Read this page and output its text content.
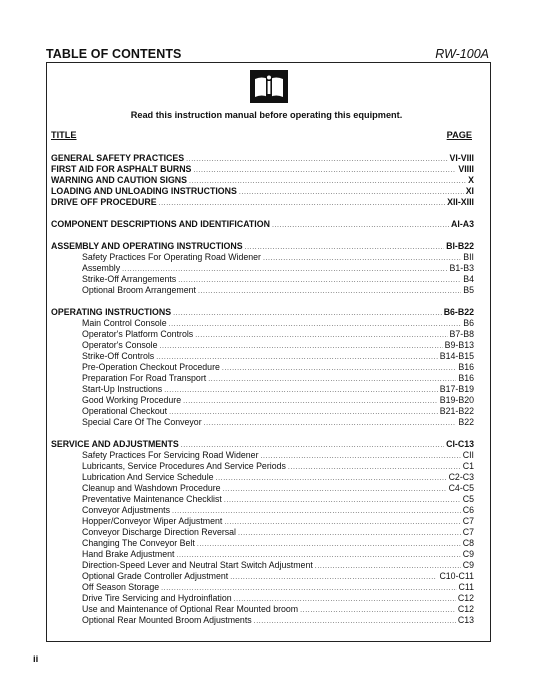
TABLE OF CONTENTS	RW-100A
Read this instruction manual before operating this equipment.
TITLE	PAGE
GENERAL SAFETY PRACTICES .....	VI-VIII
FIRST AID FOR ASPHALT BURNS .....	VIIII
WARNING AND CAUTION SIGNS .....	X
LOADING AND UNLOADING INSTRUCTIONS .....	XI
DRIVE OFF PROCEDURE .....	XII-XIII
COMPONENT DESCRIPTIONS AND IDENTIFICATION .....	AI-A3
ASSEMBLY AND OPERATING INSTRUCTIONS .....	BI-B22
Safety Practices For Operating Road Widener .....	BII
Assembly .....	B1-B3
Strike-Off Arrangements .....	B4
Optional Broom Arrangement .....	B5
OPERATING INSTRUCTIONS .....	B6-B22
Main Control Console .....	B6
Operator's Platform Controls .....	B7-B8
Operator's Console .....	B9-B13
Strike-Off Controls .....	B14-B15
Pre-Operation Checkout Procedure .....	B16
Preparation For Road Transport .....	B16
Start-Up Instructions .....	B17-B19
Good Working Procedure .....	B19-B20
Operational Checkout .....	B21-B22
Special Care Of The Conveyor .....	B22
SERVICE AND ADJUSTMENTS .....	CI-C13
Safety Practices For Servicing Road Widener .....	CII
Lubricants, Service Procedures And Service Periods .....	C1
Lubrication And Service Schedule .....	C2-C3
Cleanup and Washdown Procedure .....	C4-C5
Preventative Maintenance Checklist .....	C5
Conveyor Adjustments .....	C6
Hopper/Conveyor Wiper Adjustment .....	C7
Conveyor Discharge Direction Reversal .....	C7
Changing The Conveyor Belt .....	C8
Hand Brake Adjustment .....	C9
Direction-Speed Lever and Neutral Start Switch Adjustment .....	C9
Optional Grade Controller Adjustment .....	C10-C11
Off Season Storage .....	C11
Drive Tire Servicing and Hydroinflation .....	C12
Use and Maintenance of Optional Rear Mounted broom .....	C12
Optional Rear Mounted Broom Adjustments .....	C13
ii
